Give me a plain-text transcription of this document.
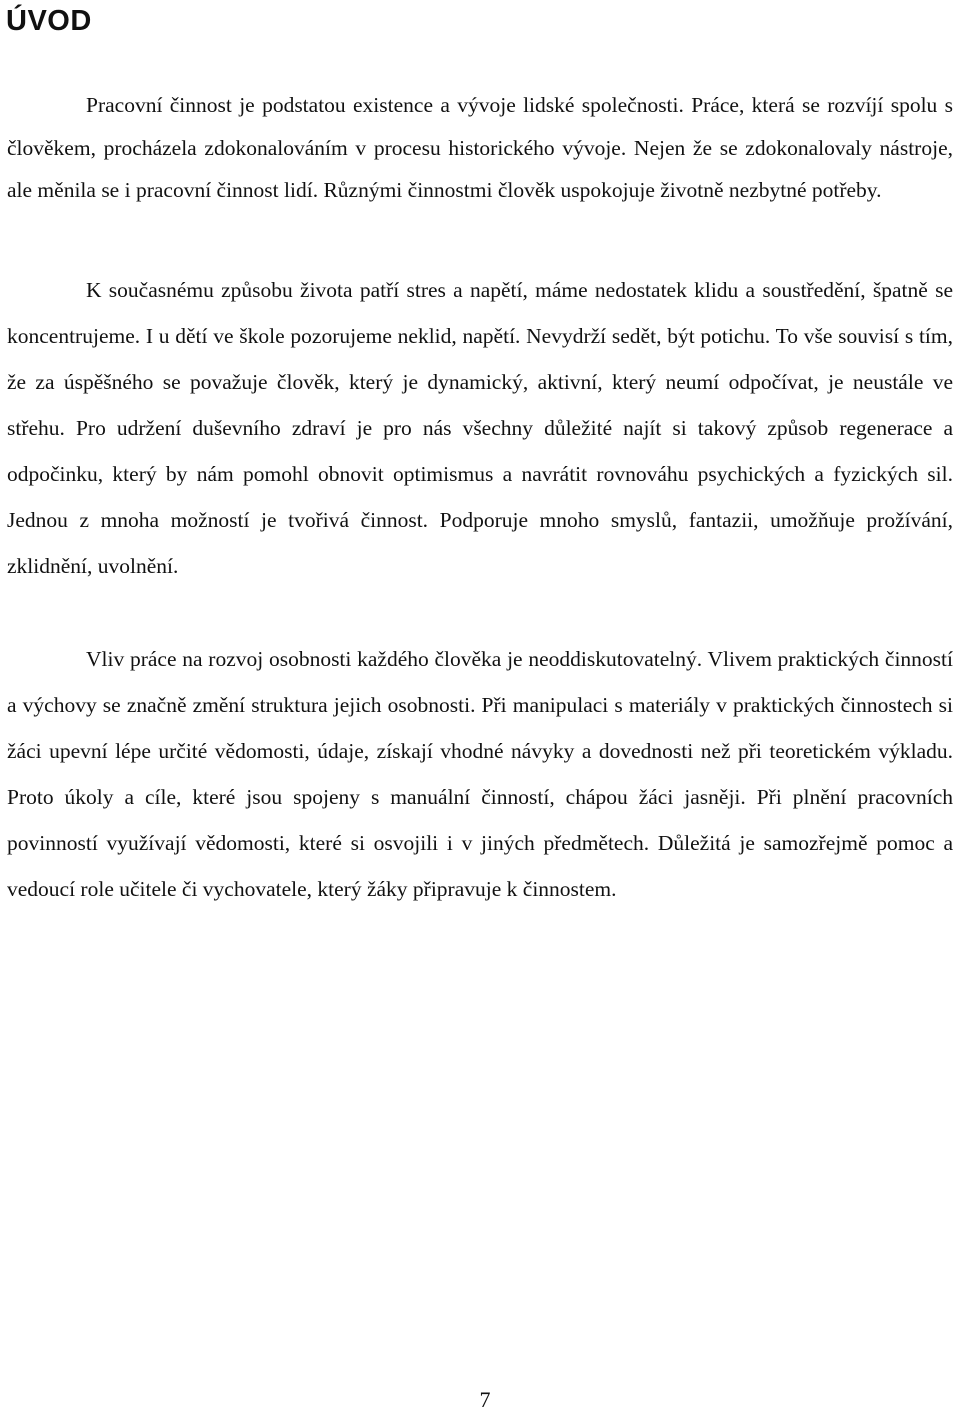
ÚVOD

Pracovní činnost je podstatou existence a vývoje lidské společnosti. Práce, která se rozvíjí spolu s člověkem, procházela zdokonalováním v procesu historického vývoje. Nejen že se zdokonalovaly nástroje, ale měnila se i pracovní činnost lidí. Různými činnostmi člověk uspokojuje životně nezbytné potřeby.

K současnému způsobu života patří stres a napětí, máme nedostatek klidu a soustředění, špatně se koncentrujeme. I u dětí ve škole pozorujeme neklid, napětí. Nevydrží sedět, být potichu. To vše souvisí s tím, že za úspěšného se považuje člověk, který je dynamický, aktivní, který neumí odpočívat, je neustále ve střehu. Pro udržení duševního zdraví je pro nás všechny důležité najít si takový způsob regenerace a odpočinku, který by nám pomohl obnovit optimismus a navrátit rovnováhu psychických a fyzických sil. Jednou z mnoha možností je tvořivá činnost. Podporuje mnoho smyslů, fantazii, umožňuje prožívání, zklidnění, uvolnění.

Vliv práce na rozvoj osobnosti každého člověka je neoddiskutovatelný. Vlivem praktických činností a výchovy se značně změní struktura jejich osobnosti. Při manipulaci s materiály v praktických činnostech si žáci upevní lépe určité vědomosti, údaje, získají vhodné návyky a dovednosti než při teoretickém výkladu. Proto úkoly a cíle, které jsou spojeny s manuální činností, chápou žáci jasněji. Při plnění pracovních povinností využívají vědomosti, které si osvojili i v jiných předmětech. Důležitá je samozřejmě pomoc a vedoucí role učitele či vychovatele, který žáky připravuje k činnostem.

7
